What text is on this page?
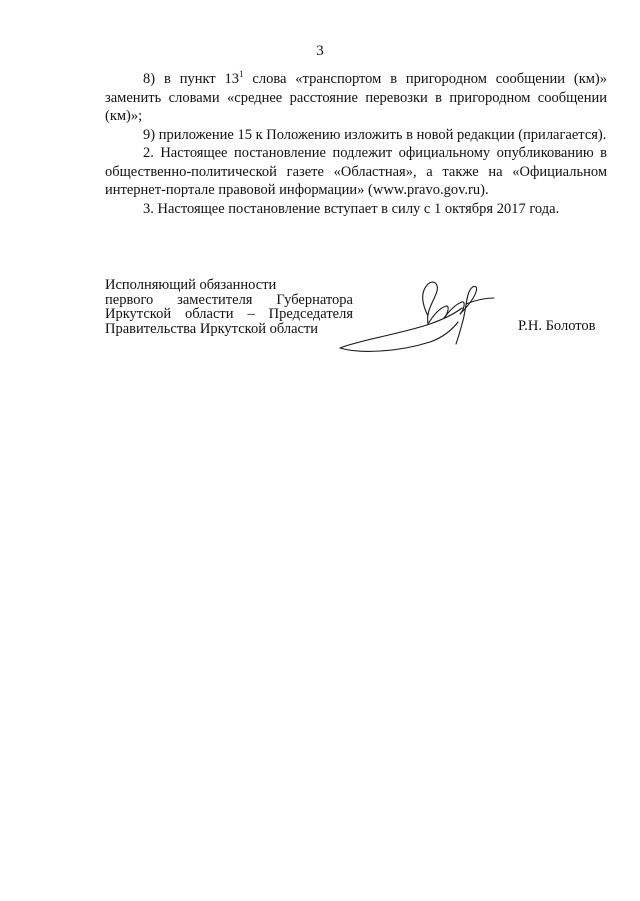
3

8) в пункт $13^1$ слова «транспортом в пригородном сообщении (км)» заменить словами «среднее расстояние перевозки в пригородном сообщении (км)»;

9) приложение 15 к Положению изложить в новой редакции (прилагается).

2. Настоящее постановление подлежит официальному опубликованию в общественно-политической газете «Областная», а также на «Официальном интернет-портале правовой информации» (www.pravo.gov.ru).

3. Настоящее постановление вступает в силу с 1 октября 2017 года.

Исполняющий обязанности
первого заместителя Губернатора
Иркутской области – Председателя
Правительства Иркутской области	Р.Н. Болотов
